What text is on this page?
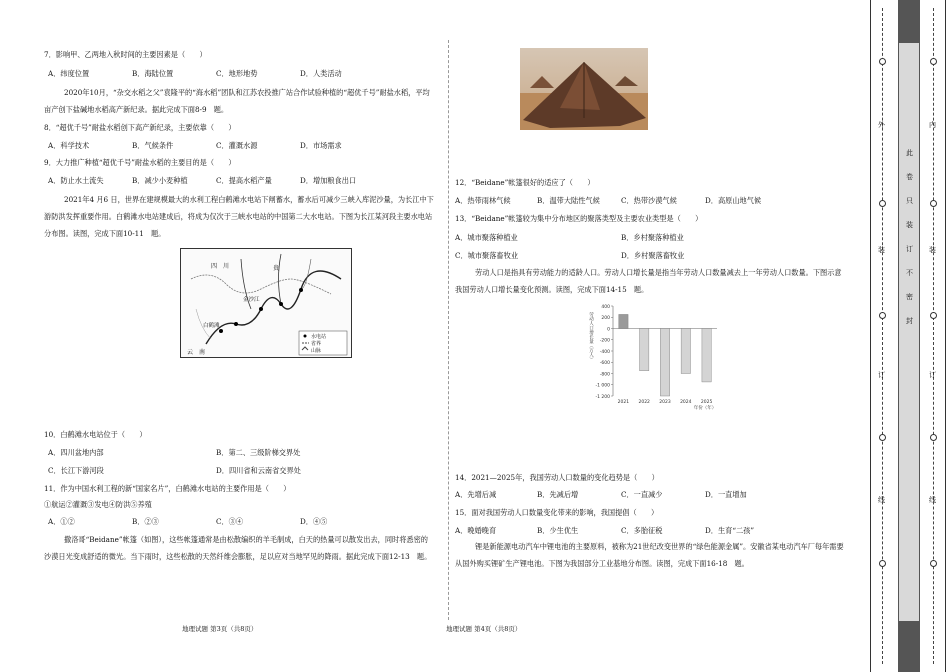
7．影响甲、乙两地入秋时间的主要因素是（　　）
A．纬度位置	B．海陆位置	C．地形地势	D．人类活动
2020年10月，“杂交水稻之父”袁隆平的“海水稻”团队和江苏农投推广站合作试验种植的“超优千号”耐盐水稻，平均亩产创下盐碱地水稻高产新纪录。据此完成下面8-9　题。
8．“超优千号”耐盐水稻创下高产新纪录，主要依靠（　　）
A．科学技术	B．气候条件	C．灌溉水源	D．市场需求
9．大力推广种植“超优千号”耐盐水稻的主要目的是（　　）
A．防止水土流失	B．减少小麦种植	C．提高水稻产量	D．增加粮食出口
2021年4 月6 日，世界在建规模最大的水利工程白鹤滩水电站下闸蓄水，蓄水后可减少三峡入库泥沙量，为长江中下游防洪发挥重要作用。白鹤滩水电站建成后，将成为仅次于三峡水电站的中国第二大水电站。下图为长江某河段主要水电站分布图。读图，完成下面10-11　题。
10．白鹤滩水电站位于（　　）
A．四川盆地内部	B．第二、三级阶梯交界处
C．长江下游河段	D．四川省和云南省交界处
11．作为中国水利工程的新“国家名片”，白鹤滩水电站的主要作用是（　　）
①航运②灌溉③发电④防洪⑤养殖
A．①②	B．②③	C．③④	D．④⑤
撒洛哥“Beidane”帐篷（如图），这些帐篷通常是由松散编织的羊毛制成，白天的热量可以散发出去，同时将悉密的沙漠日光变成舒适的微光。当下雨时，这些松散的天然纤维会膨胀，足以应对当地罕见的降雨。据此完成下面12-13　题。
四　川	贵
云　南
白鹤滩
金沙江
水电站
省界
山脉
12．“Beidane”帐篷很好的适应了（　　）
A．热带雨林气候	B．温带大陆性气候	C．热带沙漠气候	D．高原山地气候
13．“Beidane”帐篷较为集中分布地区的聚落类型及主要农业类型是（　　）
A．城市聚落种植业	B．乡村聚落种植业
C．城市聚落畜牧业	D．乡村聚落畜牧业
劳动人口是指具有劳动能力的适龄人口。劳动人口增长量是指当年劳动人口数量减去上一年劳动人口数量。下图示意我国劳动人口增长量变化预测。读图，完成下面14-15　题。
14．2021—2025年，我国劳动人口数量的变化趋势是（　　）
A．先增后减	B．先减后增	C．一直减少	D．一直增加
15．面对我国劳动人口数量变化带来的影响，我国提倡（　　）
A．晚婚晚育	B．少生优生	C．多胎征税	D．生育“二孩”
锂是新能源电动汽车中锂电池的主要原料，被称为21世纪改变世界的“绿色能源金属”。安徽省某电动汽车厂每年需要从国外购买锂矿生产锂电池。下图为我国部分工业基地分布图。读图，完成下面16-18　题。
400
200
0
-200
-400
-600
-800
-1 000
-1 200
劳动人口增长量（万人）
2021 2022 2023 2024 2025
年份（年）
地理试题 第3页（共8页）	地理试题 第4页（共8页）
外
装
订
线
内
装
订
线
此
卷
只
装
订
不
密
封
